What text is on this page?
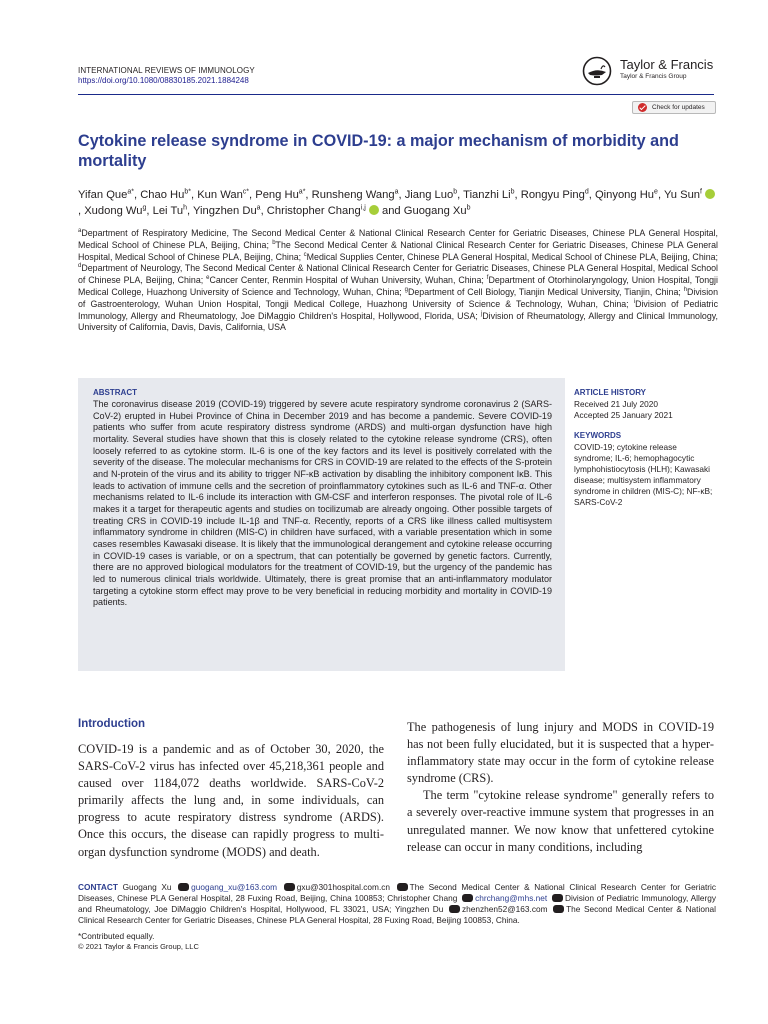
INTERNATIONAL REVIEWS OF IMMUNOLOGY
https://doi.org/10.1080/08830185.2021.1884248
Taylor & Francis
Taylor & Francis Group
Check for updates
Cytokine release syndrome in COVID-19: a major mechanism of morbidity and mortality
Yifan Que$^{a*}$, Chao $Hu^{b*}$, Kun Wan$^{c*}$, Peng $Hu^{a*}$, Runsheng Wang$^a$, Jiang Luo$^b$, Tianzhi Li$^b$, Rongyu Ping$^d$, Qinyong Hu$^e$, Yu Sun$^f$ , Xudong Wu$^g$, Lei Tu$^h$, Yingzhen Du$^a$, Christopher Chang$^{i,j}$ and Guogang Xu$^b$
$^a$Department of Respiratory Medicine, The Second Medical Center & National Clinical Research Center for Geriatric Diseases, Chinese PLA General Hospital, Medical School of Chinese PLA, Beijing, China; $^b$The Second Medical Center & National Clinical Research Center for Geriatric Diseases, Chinese PLA General Hospital, Medical School of Chinese PLA, Beijing, China; $^c$Medical Supplies Center, Chinese PLA General Hospital, Medical School of Chinese PLA, Beijing, China; $^d$Department of Neurology, The Second Medical Center & National Clinical Research Center for Geriatric Diseases, Chinese PLA General Hospital, Medical School of Chinese PLA, Beijing, China; $^e$Cancer Center, Renmin Hospital of Wuhan University, Wuhan, China; $^f$Department of Otorhinolaryngology, Union Hospital, Tongji Medical College, Huazhong University of Science and Technology, Wuhan, China; $^g$Department of Cell Biology, Tianjin Medical University, Tianjin, China; $^h$Division of Gastroenterology, Wuhan Union Hospital, Tongji Medical College, Huazhong University of Science & Technology, Wuhan, China; $^i$Division of Pediatric Immunology, Allergy and Rheumatology, Joe DiMaggio Children's Hospital, Hollywood, Florida, USA; $^j$Division of Rheumatology, Allergy and Clinical Immunology, University of California, Davis, Davis, California, USA
ABSTRACT

The coronavirus disease 2019 (COVID-19) triggered by severe acute respiratory syndrome coronavirus 2 (SARS-CoV-2) erupted in Hubei Province of China in December 2019 and has become a pandemic. Severe COVID-19 patients who suffer from acute respiratory distress syndrome (ARDS) and multi-organ dysfunction have high mortality. Several studies have shown that this is closely related to the cytokine release syndrome (CRS), often loosely referred to as cytokine storm. IL-6 is one of the key factors and its level is positively correlated with the severity of the disease. The molecular mechanisms for CRS in COVID-19 are related to the effects of the S-protein and N-protein of the virus and its ability to trigger NF-κB activation by disabling the inhibitory component IκB. This leads to activation of immune cells and the secretion of proinflammatory cytokines such as IL-6 and TNF-α. Other mechanisms related to IL-6 include its interaction with GM-CSF and interferon responses. The pivotal role of IL-6 makes it a target for therapeutic agents and studies on tocilizumab are already ongoing. Other possible targets of treating CRS in COVID-19 include IL-1β and TNF-α. Recently, reports of a CRS like illness called multisystem inflammatory syndrome in children (MIS-C) in children have surfaced, with a variable presentation which in some cases resembles Kawasaki disease. It is likely that the immunological derangement and cytokine release occurring in COVID-19 cases is variable, or on a spectrum, that can potentially be governed by genetic factors. Currently, there are no approved biological modulators for the treatment of COVID-19, but the urgency of the pandemic has led to numerous clinical trials worldwide. Ultimately, there is great promise that an anti-inflammatory modulator targeting a cytokine storm effect may prove to be very beneficial in reducing morbidity and mortality in COVID-19 patients.

ARTICLE HISTORY
Received 21 July 2020
Accepted 25 January 2021
KEYWORDS
COVID-19; cytokine release syndrome; IL-6; hemophagocytic lymphohistiocytosis (HLH); Kawasaki disease; multisystem inflammatory syndrome in children (MIS-C); NF-κB; SARS-CoV-2
Introduction

COVID-19 is a pandemic and as of October 30, 2020, the SARS-CoV-2 virus has infected over 45,218,361 people and caused over 1184,072 deaths worldwide. SARS-CoV-2 primarily affects the lung and, in some individuals, can progress to acute respiratory distress syndrome (ARDS). Once this occurs, the disease can rapidly progress to multi-organ dysfunction syndrome (MODS) and death.

The pathogenesis of lung injury and MODS in COVID-19 has not been fully elucidated, but it is suspected that a hyper-inflammatory state may occur in the form of cytokine release syndrome (CRS).

The term "cytokine release syndrome" generally refers to a severely over-reactive immune system that progresses in an unregulated manner. We now know that unfettered cytokine release can occur in many conditions, including

CONTACT Guogang Xu guogang_xu@163.com gxu@301hospital.com.cn The Second Medical Center & National Clinical Research Center for Geriatric Diseases, Chinese PLA General Hospital, 28 Fuxing Road, Beijing, China 100853; Christopher Chang chrchang@mhs.net Division of Pediatric Immunology, Allergy and Rheumatology, Joe DiMaggio Children's Hospital, Hollywood, FL 33021, USA; Yingzhen Du zhenzhen52@163.com The Second Medical Center & National Clinical Research Center for Geriatric Diseases, Chinese PLA General Hospital, 28 Fuxing Road, Beijing 100853, China.
*Contributed equally.
© 2021 Taylor & Francis Group, LLC
